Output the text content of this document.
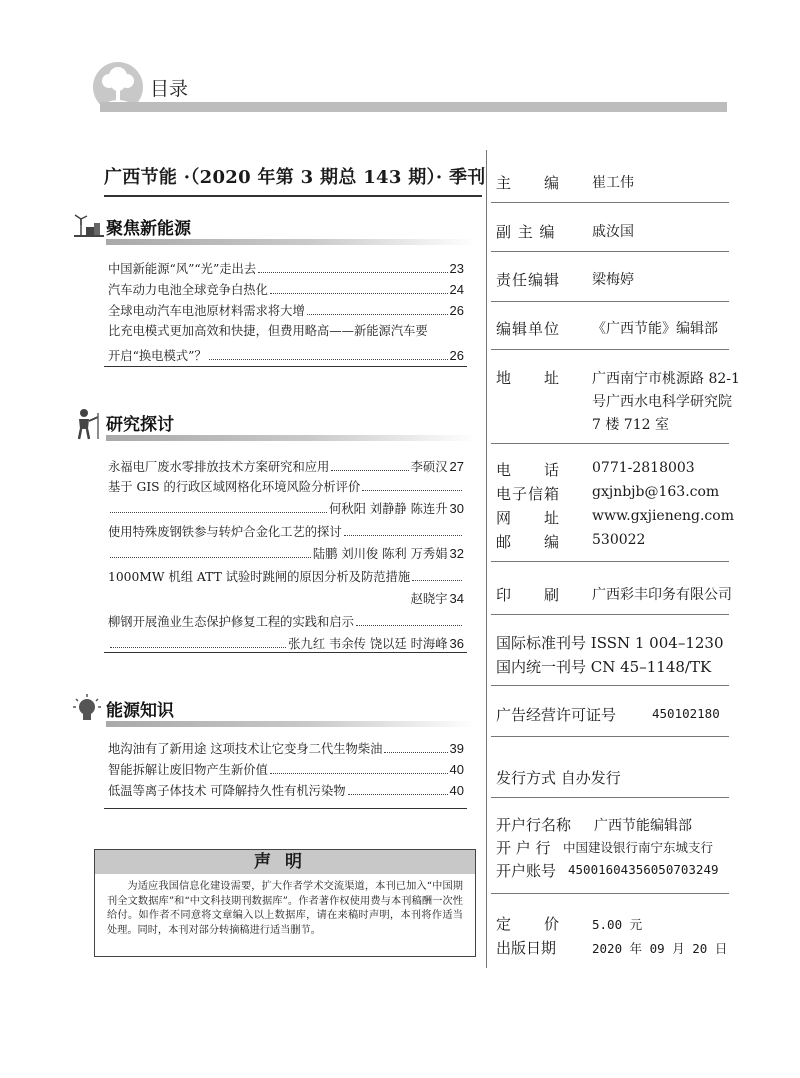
目录
广西节能 ·（2020 年第 3 期总 143 期）· 季刊
聚焦新能源
中国新能源“风”“光”走出去	23
汽车动力电池全球竞争白热化	24
全球电动汽车电池原材料需求将大增	26
比充电模式更加高效和快捷，但费用略高——新能源汽车要
开启“换电模式”？	26
研究探讨
永福电厂废水零排放技术方案研究和应用	李硕汉 27
基于 GIS 的行政区域网格化环境风险分析评价
何秋阳 刘静静 陈连升 30
使用特殊废钢铁参与转炉合金化工艺的探讨
陆鹏 刘川俊 陈利 万秀娟 32
1000MW 机组 ATT 试验时跳闸的原因分析及防范措施
赵晓宇 34
柳钢开展渔业生态保护修复工程的实践和启示
张九红 韦余传 饶以廷 时海峰 36
能源知识
地沟油有了新用途 这项技术让它变身二代生物柴油	39
智能拆解让废旧物产生新价值	40
低温等离子体技术 可降解持久性有机污染物	40
声明
为适应我国信息化建设需要，扩大作者学术交流渠道，本刊已加入“中国期刊全文数据库”和“中文科技期刊数据库”。作者著作权使用费与本刊稿酬一次性给付。如作者不同意将文章编入以上数据库，请在来稿时声明，本刊将作适当处理。同时，本刊对部分转摘稿进行适当删节。
主　　编 崔工伟
副 主 编	戚汝国
责任编辑 梁梅婷
编辑单位 《广西节能》编辑部
地　　址 广西南宁市桃源路 82-1
号广西水电科学研究院
7 楼 712 室
电　　话 0771-2818003
电子信箱 gxjnbjb@163.com
网　　址 www.gxjieneng.com
邮　　编 530022
印　　刷 广西彩丰印务有限公司
国际标准刊号 ISSN 1 004–1230
国内统一刊号 CN 45–1148/TK
广告经营许可证号	450102180
发行方式 自办发行
开户行名称 广西节能编辑部
开 户 行 中国建设银行南宁东城支行
开户账号 45001604356050703249
定　　价	5.00 元
出版日期	2020 年 09 月 20 日
